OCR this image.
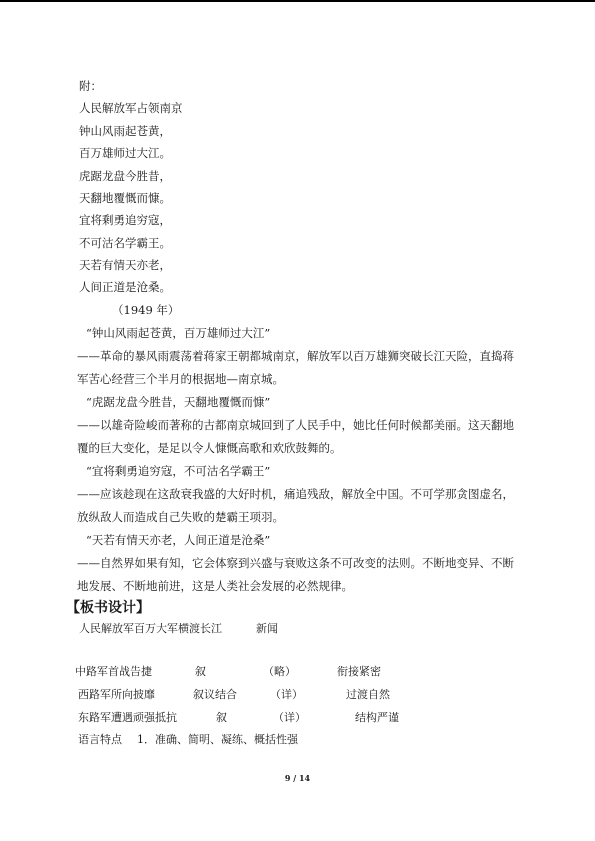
附：
人民解放军占领南京
钟山风雨起苍黄，
百万雄师过大江。
虎踞龙盘今胜昔，
天翻地覆慨而慷。
宜将剩勇追穷寇，
不可沽名学霸王。
天若有情天亦老，
人间正道是沧桑。
（1949 年）
“钟山风雨起苍黄，百万雄师过大江”
——革命的暴风雨震荡着蒋家王朝都城南京，解放军以百万雄狮突破长江天险，直捣蒋
军苦心经营三个半月的根据地—南京城。
“虎踞龙盘今胜昔，天翻地覆慨而慷”
——以雄奇险峻而著称的古都南京城回到了人民手中，她比任何时候都美丽。这天翻地
覆的巨大变化，是足以令人慷慨高歌和欢欣鼓舞的。
“宜将剩勇追穷寇，不可沽名学霸王”
——应该趁现在这敌衰我盛的大好时机，痛追残敌，解放全中国。不可学那贪图虚名，
放纵敌人而造成自己失败的楚霸王项羽。
“天若有情天亦老，人间正道是沧桑”
——自然界如果有知，它会体察到兴盛与衰败这条不可改变的法则。不断地变异、不断
地发展、不断地前进，这是人类社会发展的必然规律。
【板书设计】
人民解放军百万大军横渡长江	新闻
中路军首战告捷	叙	（略）	衔接紧密
西路军所向披靡	叙议结合	（详）	过渡自然
东路军遭遇顽强抵抗	叙	（详）	结构严谨
语言特点 1．准确、简明、凝练、概括性强
9 / 14
